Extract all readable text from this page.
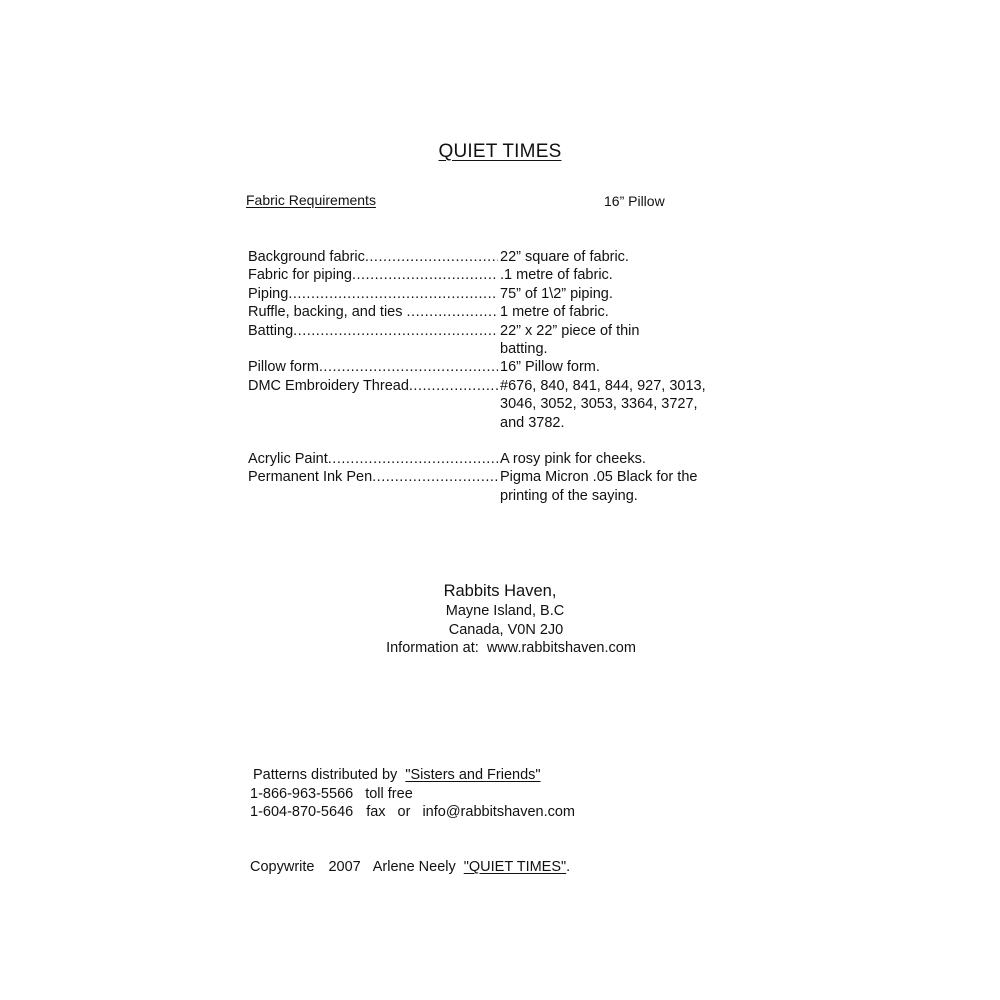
QUIET TIMES
Fabric Requirements	16” Pillow
Background fabric .....	22” square of fabric.
Fabric for piping .....	.1 metre of fabric.
Piping .....	75” of 1\2” piping.
Ruffle, backing, and ties .....	1 metre of fabric.
Batting .....	22” x 22” piece of thin batting.
Pillow form .....	16” Pillow form.
DMC Embroidery Thread .....	#676, 840, 841, 844, 927, 3013, 3046, 3052, 3053, 3364, 3727, and 3782.
Acrylic Paint .....	A rosy pink for cheeks.
Permanent Ink Pen .....	Pigma Micron .05 Black for the printing of the saying.
Rabbits Haven,
Mayne Island, B.C
Canada, V0N 2J0
Information at: www.rabbitshaven.com
Patterns distributed by "Sisters and Friends"
1-866-963-5566 toll free
1-604-870-5646 fax or info@rabbitshaven.com
Copywrite 2007 Arlene Neely "QUIET TIMES".
